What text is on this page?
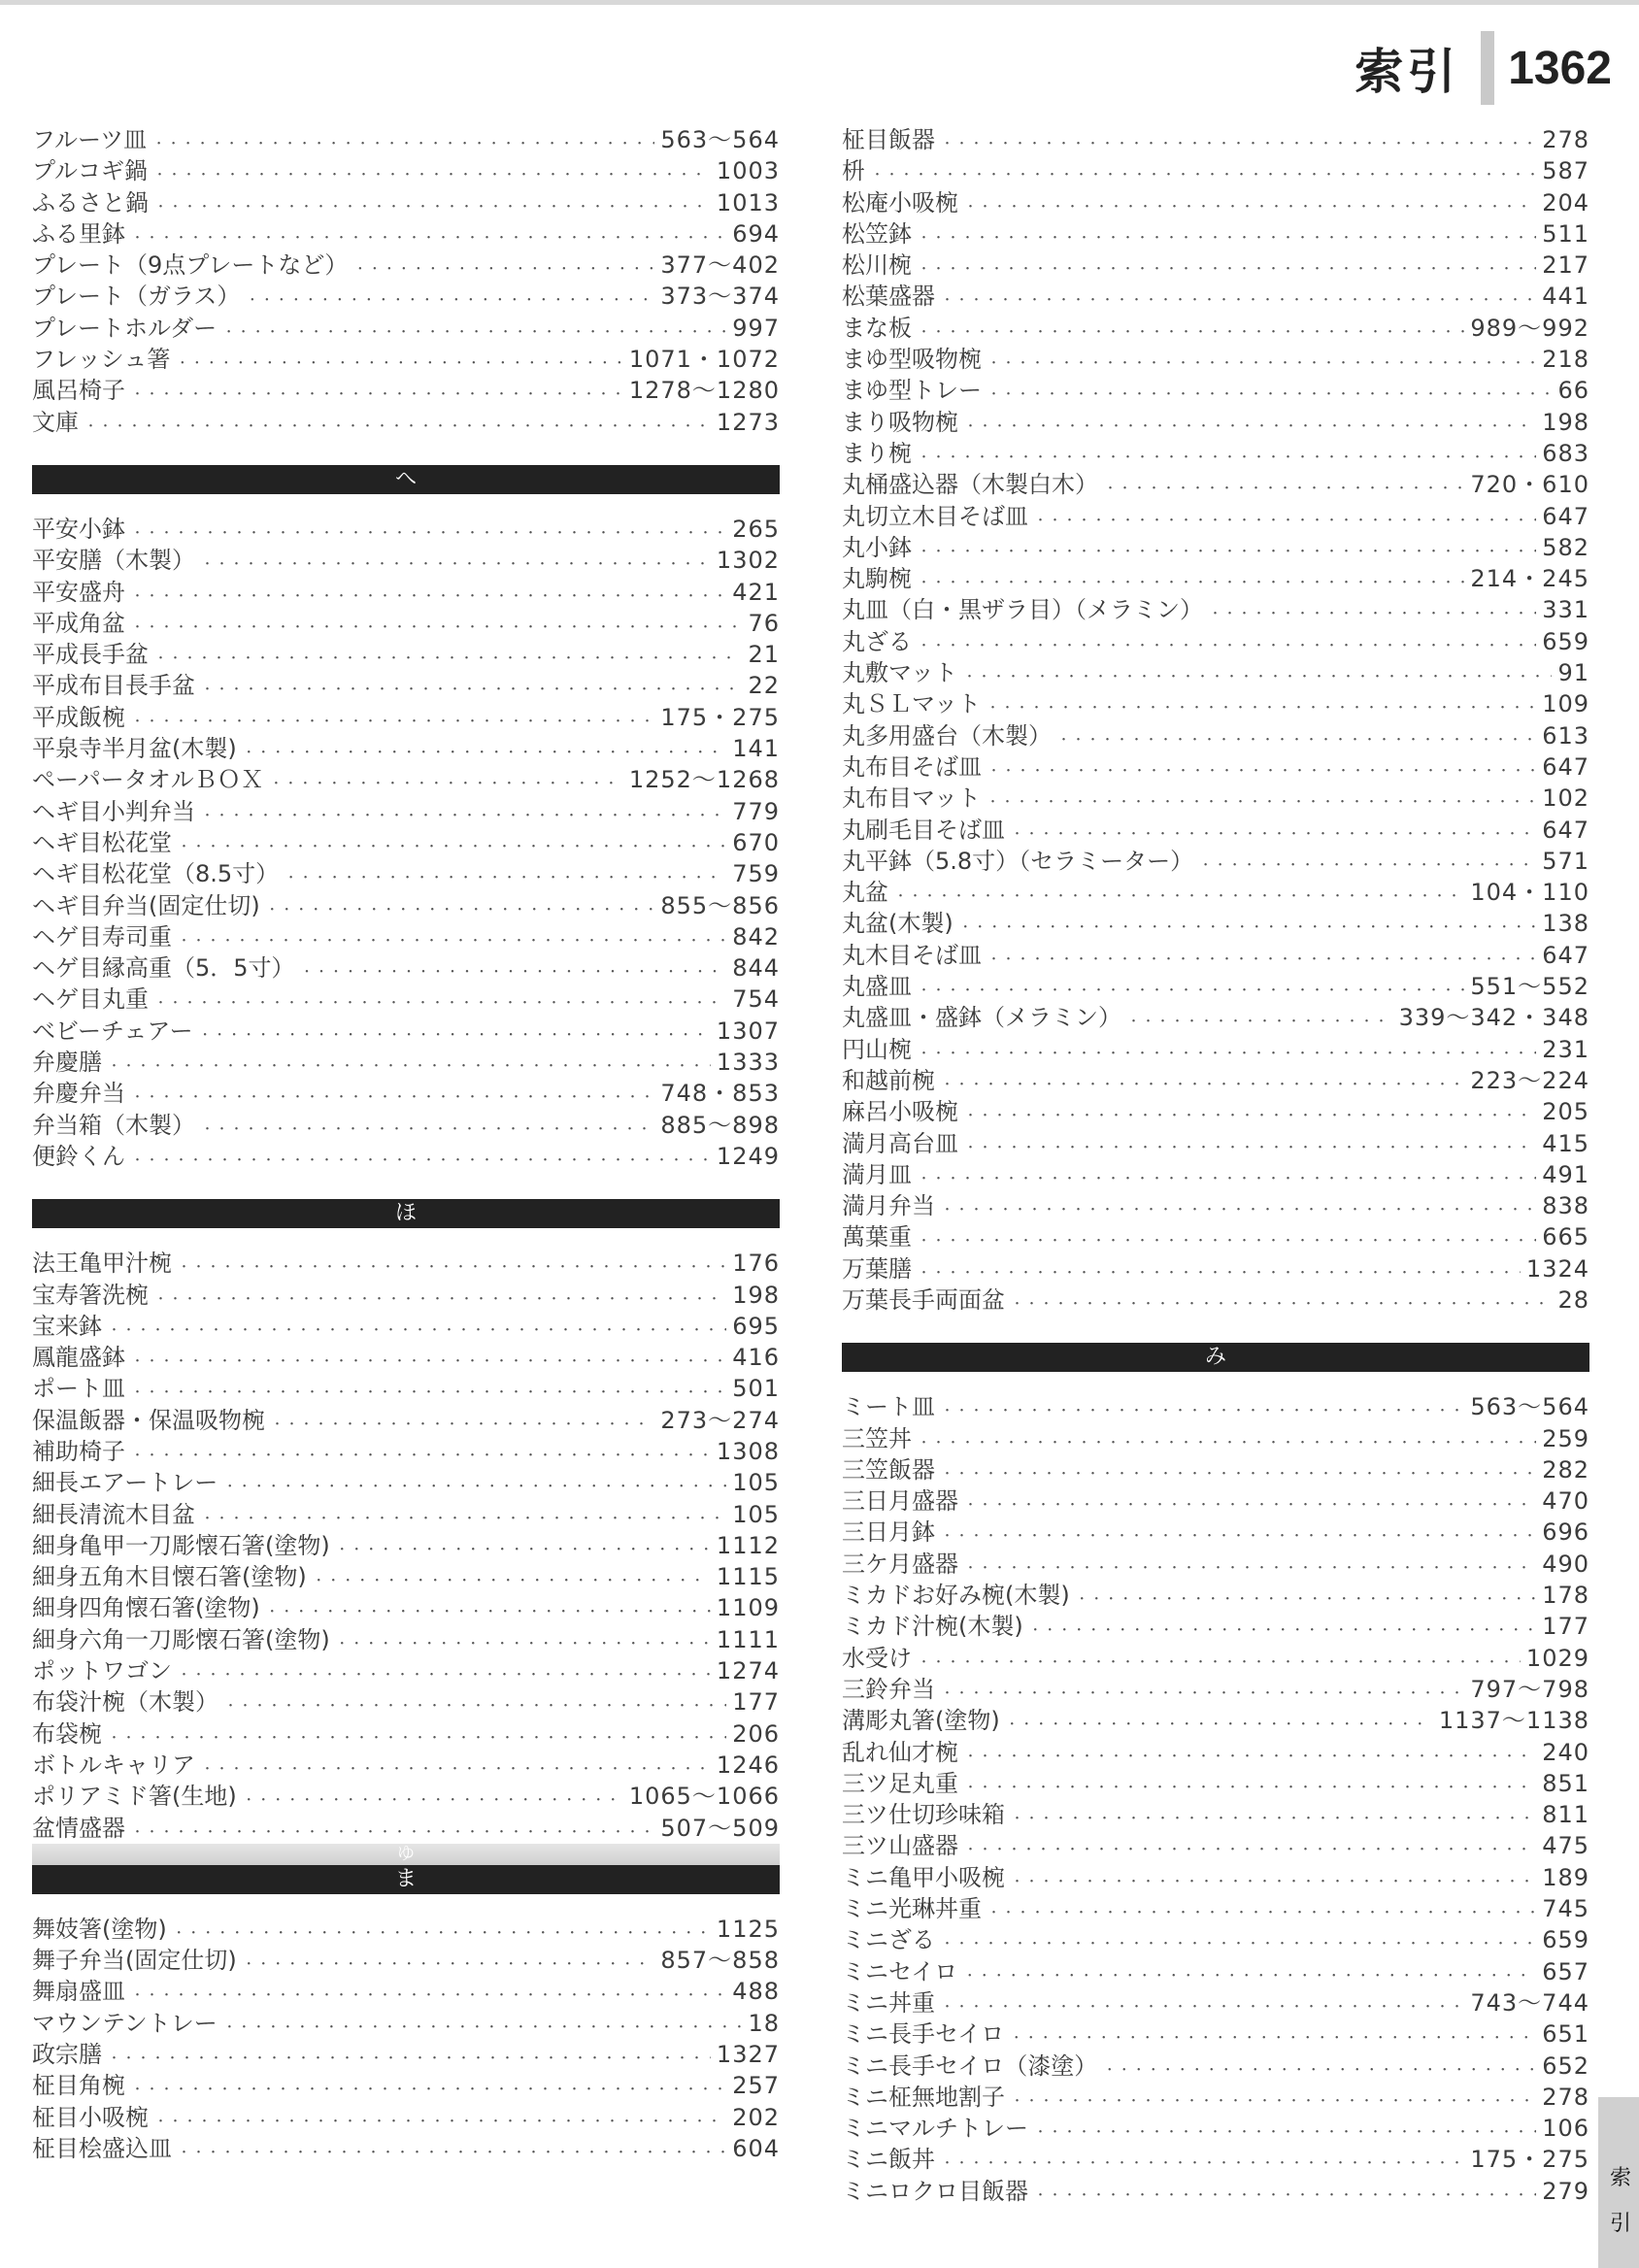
索引 1362
フルーツ皿 ・・・・・・・・・・・・・・・・・・・・・・・・・・・・・・・・・・・・・・・・・・・・・・・・・・・・・・・・・・・・・・・・・・・・・・・・・・・・・・・・・・・・・・・・・・・・・・・・・・・・・・・・・・・・・・・・・・	563〜564
プルコギ鍋 ・・・・・・・・・・・・・・・・・・・・・・・・・・・・・・・・・・・・・・・・・・・・・・・・・・・・・・・・・・・・・・・・・・・・・・・・・・・・・・・・・・・・・・・・・・・・・・・・・・・・・・・・・・・・・・・・・・	1003
ふるさと鍋 ・・・・・・・・・・・・・・・・・・・・・・・・・・・・・・・・・・・・・・・・・・・・・・・・・・・・・・・・・・・・・・・・・・・・・・・・・・・・・・・・・・・・・・・・・・・・・・・・・・・・・・・・・・・・・・・・・・	1013
ふる里鉢 ・・・・・・・・・・・・・・・・・・・・・・・・・・・・・・・・・・・・・・・・・・・・・・・・・・・・・・・・・・・・・・・・・・・・・・・・・・・・・・・・・・・・・・・・・・・・・・・・・・・・・・・・・・・・・・・・・・	694
プレート（9点プレートなど） ・・・・・・・・・・・・・・・・・・・・・・・・・・・・・・・・・・・・・・・・・・・・・・・・・・・・・・・・・・・・・・・・・・・・・・・・・・・・・・・・・・・・・・・・・・・・・・・・・・・・・・・・・・・・・・・・・・	377〜402
プレート（ガラス） ・・・・・・・・・・・・・・・・・・・・・・・・・・・・・・・・・・・・・・・・・・・・・・・・・・・・・・・・・・・・・・・・・・・・・・・・・・・・・・・・・・・・・・・・・・・・・・・・・・・・・・・・・・・・・・・・・・	373〜374
プレートホルダー ・・・・・・・・・・・・・・・・・・・・・・・・・・・・・・・・・・・・・・・・・・・・・・・・・・・・・・・・・・・・・・・・・・・・・・・・・・・・・・・・・・・・・・・・・・・・・・・・・・・・・・・・・・・・・・・・・・	997
フレッシュ箸 ・・・・・・・・・・・・・・・・・・・・・・・・・・・・・・・・・・・・・・・・・・・・・・・・・・・・・・・・・・・・・・・・・・・・・・・・・・・・・・・・・・・・・・・・・・・・・・・・・・・・・・・・・・・・・・・・・・	1071・1072
風呂椅子 ・・・・・・・・・・・・・・・・・・・・・・・・・・・・・・・・・・・・・・・・・・・・・・・・・・・・・・・・・・・・・・・・・・・・・・・・・・・・・・・・・・・・・・・・・・・・・・・・・・・・・・・・・・・・・・・・・・	1278〜1280
文庫 ・・・・・・・・・・・・・・・・・・・・・・・・・・・・・・・・・・・・・・・・・・・・・・・・・・・・・・・・・・・・・・・・・・・・・・・・・・・・・・・・・・・・・・・・・・・・・・・・・・・・・・・・・・・・・・・・・・	1273
へ
平安小鉢 ・・・・・・・・・・・・・・・・・・・・・・・・・・・・・・・・・・・・・・・・・・・・・・・・・・・・・・・・・・・・・・・・・・・・・・・・・・・・・・・・・・・・・・・・・・・・・・・・・・・・・・・・・・・・・・・・・・	265
平安膳（木製） ・・・・・・・・・・・・・・・・・・・・・・・・・・・・・・・・・・・・・・・・・・・・・・・・・・・・・・・・・・・・・・・・・・・・・・・・・・・・・・・・・・・・・・・・・・・・・・・・・・・・・・・・・・・・・・・・・・	1302
平安盛舟 ・・・・・・・・・・・・・・・・・・・・・・・・・・・・・・・・・・・・・・・・・・・・・・・・・・・・・・・・・・・・・・・・・・・・・・・・・・・・・・・・・・・・・・・・・・・・・・・・・・・・・・・・・・・・・・・・・・	421
平成角盆 ・・・・・・・・・・・・・・・・・・・・・・・・・・・・・・・・・・・・・・・・・・・・・・・・・・・・・・・・・・・・・・・・・・・・・・・・・・・・・・・・・・・・・・・・・・・・・・・・・・・・・・・・・・・・・・・・・・	76
平成長手盆 ・・・・・・・・・・・・・・・・・・・・・・・・・・・・・・・・・・・・・・・・・・・・・・・・・・・・・・・・・・・・・・・・・・・・・・・・・・・・・・・・・・・・・・・・・・・・・・・・・・・・・・・・・・・・・・・・・・	21
平成布目長手盆 ・・・・・・・・・・・・・・・・・・・・・・・・・・・・・・・・・・・・・・・・・・・・・・・・・・・・・・・・・・・・・・・・・・・・・・・・・・・・・・・・・・・・・・・・・・・・・・・・・・・・・・・・・・・・・・・・・・	22
平成飯椀 ・・・・・・・・・・・・・・・・・・・・・・・・・・・・・・・・・・・・・・・・・・・・・・・・・・・・・・・・・・・・・・・・・・・・・・・・・・・・・・・・・・・・・・・・・・・・・・・・・・・・・・・・・・・・・・・・・・	175・275
平泉寺半月盆(木製) ・・・・・・・・・・・・・・・・・・・・・・・・・・・・・・・・・・・・・・・・・・・・・・・・・・・・・・・・・・・・・・・・・・・・・・・・・・・・・・・・・・・・・・・・・・・・・・・・・・・・・・・・・・・・・・・・・・	141
ペーパータオルＢＯＸ ・・・・・・・・・・・・・・・・・・・・・・・・・・・・・・・・・・・・・・・・・・・・・・・・・・・・・・・・・・・・・・・・・・・・・・・・・・・・・・・・・・・・・・・・・・・・・・・・・・・・・・・・・・・・・・・・・・	1252〜1268
ヘギ目小判弁当 ・・・・・・・・・・・・・・・・・・・・・・・・・・・・・・・・・・・・・・・・・・・・・・・・・・・・・・・・・・・・・・・・・・・・・・・・・・・・・・・・・・・・・・・・・・・・・・・・・・・・・・・・・・・・・・・・・・	779
ヘギ目松花堂 ・・・・・・・・・・・・・・・・・・・・・・・・・・・・・・・・・・・・・・・・・・・・・・・・・・・・・・・・・・・・・・・・・・・・・・・・・・・・・・・・・・・・・・・・・・・・・・・・・・・・・・・・・・・・・・・・・・	670
ヘギ目松花堂（8.5寸） ・・・・・・・・・・・・・・・・・・・・・・・・・・・・・・・・・・・・・・・・・・・・・・・・・・・・・・・・・・・・・・・・・・・・・・・・・・・・・・・・・・・・・・・・・・・・・・・・・・・・・・・・・・・・・・・・・・	759
ヘギ目弁当(固定仕切) ・・・・・・・・・・・・・・・・・・・・・・・・・・・・・・・・・・・・・・・・・・・・・・・・・・・・・・・・・・・・・・・・・・・・・・・・・・・・・・・・・・・・・・・・・・・・・・・・・・・・・・・・・・・・・・・・・・	855〜856
ヘゲ目寿司重 ・・・・・・・・・・・・・・・・・・・・・・・・・・・・・・・・・・・・・・・・・・・・・・・・・・・・・・・・・・・・・・・・・・・・・・・・・・・・・・・・・・・・・・・・・・・・・・・・・・・・・・・・・・・・・・・・・・	842
ヘゲ目縁高重（5．5寸） ・・・・・・・・・・・・・・・・・・・・・・・・・・・・・・・・・・・・・・・・・・・・・・・・・・・・・・・・・・・・・・・・・・・・・・・・・・・・・・・・・・・・・・・・・・・・・・・・・・・・・・・・・・・・・・・・・・	844
ヘゲ目丸重 ・・・・・・・・・・・・・・・・・・・・・・・・・・・・・・・・・・・・・・・・・・・・・・・・・・・・・・・・・・・・・・・・・・・・・・・・・・・・・・・・・・・・・・・・・・・・・・・・・・・・・・・・・・・・・・・・・・	754
ベビーチェアー ・・・・・・・・・・・・・・・・・・・・・・・・・・・・・・・・・・・・・・・・・・・・・・・・・・・・・・・・・・・・・・・・・・・・・・・・・・・・・・・・・・・・・・・・・・・・・・・・・・・・・・・・・・・・・・・・・・	1307
弁慶膳 ・・・・・・・・・・・・・・・・・・・・・・・・・・・・・・・・・・・・・・・・・・・・・・・・・・・・・・・・・・・・・・・・・・・・・・・・・・・・・・・・・・・・・・・・・・・・・・・・・・・・・・・・・・・・・・・・・・	1333
弁慶弁当 ・・・・・・・・・・・・・・・・・・・・・・・・・・・・・・・・・・・・・・・・・・・・・・・・・・・・・・・・・・・・・・・・・・・・・・・・・・・・・・・・・・・・・・・・・・・・・・・・・・・・・・・・・・・・・・・・・・	748・853
弁当箱（木製） ・・・・・・・・・・・・・・・・・・・・・・・・・・・・・・・・・・・・・・・・・・・・・・・・・・・・・・・・・・・・・・・・・・・・・・・・・・・・・・・・・・・・・・・・・・・・・・・・・・・・・・・・・・・・・・・・・・	885〜898
便鈴くん ・・・・・・・・・・・・・・・・・・・・・・・・・・・・・・・・・・・・・・・・・・・・・・・・・・・・・・・・・・・・・・・・・・・・・・・・・・・・・・・・・・・・・・・・・・・・・・・・・・・・・・・・・・・・・・・・・・	1249
ほ
法王亀甲汁椀 ・・・・・・・・・・・・・・・・・・・・・・・・・・・・・・・・・・・・・・・・・・・・・・・・・・・・・・・・・・・・・・・・・・・・・・・・・・・・・・・・・・・・・・・・・・・・・・・・・・・・・・・・・・・・・・・・・・	176
宝寿箸洗椀 ・・・・・・・・・・・・・・・・・・・・・・・・・・・・・・・・・・・・・・・・・・・・・・・・・・・・・・・・・・・・・・・・・・・・・・・・・・・・・・・・・・・・・・・・・・・・・・・・・・・・・・・・・・・・・・・・・・	198
宝来鉢 ・・・・・・・・・・・・・・・・・・・・・・・・・・・・・・・・・・・・・・・・・・・・・・・・・・・・・・・・・・・・・・・・・・・・・・・・・・・・・・・・・・・・・・・・・・・・・・・・・・・・・・・・・・・・・・・・・・	695
鳳龍盛鉢 ・・・・・・・・・・・・・・・・・・・・・・・・・・・・・・・・・・・・・・・・・・・・・・・・・・・・・・・・・・・・・・・・・・・・・・・・・・・・・・・・・・・・・・・・・・・・・・・・・・・・・・・・・・・・・・・・・・	416
ポート皿 ・・・・・・・・・・・・・・・・・・・・・・・・・・・・・・・・・・・・・・・・・・・・・・・・・・・・・・・・・・・・・・・・・・・・・・・・・・・・・・・・・・・・・・・・・・・・・・・・・・・・・・・・・・・・・・・・・・	501
保温飯器・保温吸物椀 ・・・・・・・・・・・・・・・・・・・・・・・・・・・・・・・・・・・・・・・・・・・・・・・・・・・・・・・・・・・・・・・・・・・・・・・・・・・・・・・・・・・・・・・・・・・・・・・・・・・・・・・・・・・・・・・・・・	273〜274
補助椅子 ・・・・・・・・・・・・・・・・・・・・・・・・・・・・・・・・・・・・・・・・・・・・・・・・・・・・・・・・・・・・・・・・・・・・・・・・・・・・・・・・・・・・・・・・・・・・・・・・・・・・・・・・・・・・・・・・・・	1308
細長エアートレー ・・・・・・・・・・・・・・・・・・・・・・・・・・・・・・・・・・・・・・・・・・・・・・・・・・・・・・・・・・・・・・・・・・・・・・・・・・・・・・・・・・・・・・・・・・・・・・・・・・・・・・・・・・・・・・・・・・	105
細長清流木目盆 ・・・・・・・・・・・・・・・・・・・・・・・・・・・・・・・・・・・・・・・・・・・・・・・・・・・・・・・・・・・・・・・・・・・・・・・・・・・・・・・・・・・・・・・・・・・・・・・・・・・・・・・・・・・・・・・・・・	105
細身亀甲一刀彫懐石箸(塗物) ・・・・・・・・・・・・・・・・・・・・・・・・・・・・・・・・・・・・・・・・・・・・・・・・・・・・・・・・・・・・・・・・・・・・・・・・・・・・・・・・・・・・・・・・・・・・・・・・・・・・・・・・・・・・・・・・・・	1112
細身五角木目懐石箸(塗物) ・・・・・・・・・・・・・・・・・・・・・・・・・・・・・・・・・・・・・・・・・・・・・・・・・・・・・・・・・・・・・・・・・・・・・・・・・・・・・・・・・・・・・・・・・・・・・・・・・・・・・・・・・・・・・・・・・・	1115
細身四角懐石箸(塗物) ・・・・・・・・・・・・・・・・・・・・・・・・・・・・・・・・・・・・・・・・・・・・・・・・・・・・・・・・・・・・・・・・・・・・・・・・・・・・・・・・・・・・・・・・・・・・・・・・・・・・・・・・・・・・・・・・・・	1109
細身六角一刀彫懐石箸(塗物) ・・・・・・・・・・・・・・・・・・・・・・・・・・・・・・・・・・・・・・・・・・・・・・・・・・・・・・・・・・・・・・・・・・・・・・・・・・・・・・・・・・・・・・・・・・・・・・・・・・・・・・・・・・・・・・・・・・	1111
ポットワゴン ・・・・・・・・・・・・・・・・・・・・・・・・・・・・・・・・・・・・・・・・・・・・・・・・・・・・・・・・・・・・・・・・・・・・・・・・・・・・・・・・・・・・・・・・・・・・・・・・・・・・・・・・・・・・・・・・・・	1274
布袋汁椀（木製） ・・・・・・・・・・・・・・・・・・・・・・・・・・・・・・・・・・・・・・・・・・・・・・・・・・・・・・・・・・・・・・・・・・・・・・・・・・・・・・・・・・・・・・・・・・・・・・・・・・・・・・・・・・・・・・・・・・	177
布袋椀 ・・・・・・・・・・・・・・・・・・・・・・・・・・・・・・・・・・・・・・・・・・・・・・・・・・・・・・・・・・・・・・・・・・・・・・・・・・・・・・・・・・・・・・・・・・・・・・・・・・・・・・・・・・・・・・・・・・	206
ボトルキャリア ・・・・・・・・・・・・・・・・・・・・・・・・・・・・・・・・・・・・・・・・・・・・・・・・・・・・・・・・・・・・・・・・・・・・・・・・・・・・・・・・・・・・・・・・・・・・・・・・・・・・・・・・・・・・・・・・・・	1246
ポリアミド箸(生地) ・・・・・・・・・・・・・・・・・・・・・・・・・・・・・・・・・・・・・・・・・・・・・・・・・・・・・・・・・・・・・・・・・・・・・・・・・・・・・・・・・・・・・・・・・・・・・・・・・・・・・・・・・・・・・・・・・・	1065〜1066
盆情盛器 ・・・・・・・・・・・・・・・・・・・・・・・・・・・・・・・・・・・・・・・・・・・・・・・・・・・・・・・・・・・・・・・・・・・・・・・・・・・・・・・・・・・・・・・・・・・・・・・・・・・・・・・・・・・・・・・・・・	507〜509
ゆ
ま
舞妓箸(塗物) ・・・・・・・・・・・・・・・・・・・・・・・・・・・・・・・・・・・・・・・・・・・・・・・・・・・・・・・・・・・・・・・・・・・・・・・・・・・・・・・・・・・・・・・・・・・・・・・・・・・・・・・・・・・・・・・・・・	1125
舞子弁当(固定仕切) ・・・・・・・・・・・・・・・・・・・・・・・・・・・・・・・・・・・・・・・・・・・・・・・・・・・・・・・・・・・・・・・・・・・・・・・・・・・・・・・・・・・・・・・・・・・・・・・・・・・・・・・・・・・・・・・・・・	857〜858
舞扇盛皿 ・・・・・・・・・・・・・・・・・・・・・・・・・・・・・・・・・・・・・・・・・・・・・・・・・・・・・・・・・・・・・・・・・・・・・・・・・・・・・・・・・・・・・・・・・・・・・・・・・・・・・・・・・・・・・・・・・・	488
マウンテントレー ・・・・・・・・・・・・・・・・・・・・・・・・・・・・・・・・・・・・・・・・・・・・・・・・・・・・・・・・・・・・・・・・・・・・・・・・・・・・・・・・・・・・・・・・・・・・・・・・・・・・・・・・・・・・・・・・・・	18
政宗膳 ・・・・・・・・・・・・・・・・・・・・・・・・・・・・・・・・・・・・・・・・・・・・・・・・・・・・・・・・・・・・・・・・・・・・・・・・・・・・・・・・・・・・・・・・・・・・・・・・・・・・・・・・・・・・・・・・・・	1327
柾目角椀 ・・・・・・・・・・・・・・・・・・・・・・・・・・・・・・・・・・・・・・・・・・・・・・・・・・・・・・・・・・・・・・・・・・・・・・・・・・・・・・・・・・・・・・・・・・・・・・・・・・・・・・・・・・・・・・・・・・	257
柾目小吸椀 ・・・・・・・・・・・・・・・・・・・・・・・・・・・・・・・・・・・・・・・・・・・・・・・・・・・・・・・・・・・・・・・・・・・・・・・・・・・・・・・・・・・・・・・・・・・・・・・・・・・・・・・・・・・・・・・・・・	202
柾目桧盛込皿 ・・・・・・・・・・・・・・・・・・・・・・・・・・・・・・・・・・・・・・・・・・・・・・・・・・・・・・・・・・・・・・・・・・・・・・・・・・・・・・・・・・・・・・・・・・・・・・・・・・・・・・・・・・・・・・・・・・	604
柾目飯器 ・・・・・・・・・・・・・・・・・・・・・・・・・・・・・・・・・・・・・・・・・・・・・・・・・・・・・・・・・・・・・・・・・・・・・・・・・・・・・・・・・・・・・・・・・・・・・・・・・・・・・・・・・・・・・・・・・・	278
枡 ・・・・・・・・・・・・・・・・・・・・・・・・・・・・・・・・・・・・・・・・・・・・・・・・・・・・・・・・・・・・・・・・・・・・・・・・・・・・・・・・・・・・・・・・・・・・・・・・・・・・・・・・・・・・・・・・・・	587
松庵小吸椀 ・・・・・・・・・・・・・・・・・・・・・・・・・・・・・・・・・・・・・・・・・・・・・・・・・・・・・・・・・・・・・・・・・・・・・・・・・・・・・・・・・・・・・・・・・・・・・・・・・・・・・・・・・・・・・・・・・・	204
松笠鉢 ・・・・・・・・・・・・・・・・・・・・・・・・・・・・・・・・・・・・・・・・・・・・・・・・・・・・・・・・・・・・・・・・・・・・・・・・・・・・・・・・・・・・・・・・・・・・・・・・・・・・・・・・・・・・・・・・・・	511
松川椀 ・・・・・・・・・・・・・・・・・・・・・・・・・・・・・・・・・・・・・・・・・・・・・・・・・・・・・・・・・・・・・・・・・・・・・・・・・・・・・・・・・・・・・・・・・・・・・・・・・・・・・・・・・・・・・・・・・・	217
松葉盛器 ・・・・・・・・・・・・・・・・・・・・・・・・・・・・・・・・・・・・・・・・・・・・・・・・・・・・・・・・・・・・・・・・・・・・・・・・・・・・・・・・・・・・・・・・・・・・・・・・・・・・・・・・・・・・・・・・・・	441
まな板 ・・・・・・・・・・・・・・・・・・・・・・・・・・・・・・・・・・・・・・・・・・・・・・・・・・・・・・・・・・・・・・・・・・・・・・・・・・・・・・・・・・・・・・・・・・・・・・・・・・・・・・・・・・・・・・・・・・	989〜992
まゆ型吸物椀 ・・・・・・・・・・・・・・・・・・・・・・・・・・・・・・・・・・・・・・・・・・・・・・・・・・・・・・・・・・・・・・・・・・・・・・・・・・・・・・・・・・・・・・・・・・・・・・・・・・・・・・・・・・・・・・・・・・	218
まゆ型トレー ・・・・・・・・・・・・・・・・・・・・・・・・・・・・・・・・・・・・・・・・・・・・・・・・・・・・・・・・・・・・・・・・・・・・・・・・・・・・・・・・・・・・・・・・・・・・・・・・・・・・・・・・・・・・・・・・・・	66
まり吸物椀 ・・・・・・・・・・・・・・・・・・・・・・・・・・・・・・・・・・・・・・・・・・・・・・・・・・・・・・・・・・・・・・・・・・・・・・・・・・・・・・・・・・・・・・・・・・・・・・・・・・・・・・・・・・・・・・・・・・	198
まり椀 ・・・・・・・・・・・・・・・・・・・・・・・・・・・・・・・・・・・・・・・・・・・・・・・・・・・・・・・・・・・・・・・・・・・・・・・・・・・・・・・・・・・・・・・・・・・・・・・・・・・・・・・・・・・・・・・・・・	683
丸桶盛込器（木製白木） ・・・・・・・・・・・・・・・・・・・・・・・・・・・・・・・・・・・・・・・・・・・・・・・・・・・・・・・・・・・・・・・・・・・・・・・・・・・・・・・・・・・・・・・・・・・・・・・・・・・・・・・・・・・・・・・・・・	720・610
丸切立木目そば皿 ・・・・・・・・・・・・・・・・・・・・・・・・・・・・・・・・・・・・・・・・・・・・・・・・・・・・・・・・・・・・・・・・・・・・・・・・・・・・・・・・・・・・・・・・・・・・・・・・・・・・・・・・・・・・・・・・・・	647
丸小鉢 ・・・・・・・・・・・・・・・・・・・・・・・・・・・・・・・・・・・・・・・・・・・・・・・・・・・・・・・・・・・・・・・・・・・・・・・・・・・・・・・・・・・・・・・・・・・・・・・・・・・・・・・・・・・・・・・・・・	582
丸駒椀 ・・・・・・・・・・・・・・・・・・・・・・・・・・・・・・・・・・・・・・・・・・・・・・・・・・・・・・・・・・・・・・・・・・・・・・・・・・・・・・・・・・・・・・・・・・・・・・・・・・・・・・・・・・・・・・・・・・	214・245
丸皿（白・黒ザラ目）（メラミン） ・・・・・・・・・・・・・・・・・・・・・・・・・・・・・・・・・・・・・・・・・・・・・・・・・・・・・・・・・・・・・・・・・・・・・・・・・・・・・・・・・・・・・・・・・・・・・・・・・・・・・・・・・・・・・・・・・・	331
丸ざる ・・・・・・・・・・・・・・・・・・・・・・・・・・・・・・・・・・・・・・・・・・・・・・・・・・・・・・・・・・・・・・・・・・・・・・・・・・・・・・・・・・・・・・・・・・・・・・・・・・・・・・・・・・・・・・・・・・	659
丸敷マット ・・・・・・・・・・・・・・・・・・・・・・・・・・・・・・・・・・・・・・・・・・・・・・・・・・・・・・・・・・・・・・・・・・・・・・・・・・・・・・・・・・・・・・・・・・・・・・・・・・・・・・・・・・・・・・・・・・	91
丸ＳＬマット ・・・・・・・・・・・・・・・・・・・・・・・・・・・・・・・・・・・・・・・・・・・・・・・・・・・・・・・・・・・・・・・・・・・・・・・・・・・・・・・・・・・・・・・・・・・・・・・・・・・・・・・・・・・・・・・・・・	109
丸多用盛台（木製） ・・・・・・・・・・・・・・・・・・・・・・・・・・・・・・・・・・・・・・・・・・・・・・・・・・・・・・・・・・・・・・・・・・・・・・・・・・・・・・・・・・・・・・・・・・・・・・・・・・・・・・・・・・・・・・・・・・	613
丸布目そば皿 ・・・・・・・・・・・・・・・・・・・・・・・・・・・・・・・・・・・・・・・・・・・・・・・・・・・・・・・・・・・・・・・・・・・・・・・・・・・・・・・・・・・・・・・・・・・・・・・・・・・・・・・・・・・・・・・・・・	647
丸布目マット ・・・・・・・・・・・・・・・・・・・・・・・・・・・・・・・・・・・・・・・・・・・・・・・・・・・・・・・・・・・・・・・・・・・・・・・・・・・・・・・・・・・・・・・・・・・・・・・・・・・・・・・・・・・・・・・・・・	102
丸刷毛目そば皿 ・・・・・・・・・・・・・・・・・・・・・・・・・・・・・・・・・・・・・・・・・・・・・・・・・・・・・・・・・・・・・・・・・・・・・・・・・・・・・・・・・・・・・・・・・・・・・・・・・・・・・・・・・・・・・・・・・・	647
丸平鉢（5.8寸）（セラミーター） ・・・・・・・・・・・・・・・・・・・・・・・・・・・・・・・・・・・・・・・・・・・・・・・・・・・・・・・・・・・・・・・・・・・・・・・・・・・・・・・・・・・・・・・・・・・・・・・・・・・・・・・・・・・・・・・・・・	571
丸盆 ・・・・・・・・・・・・・・・・・・・・・・・・・・・・・・・・・・・・・・・・・・・・・・・・・・・・・・・・・・・・・・・・・・・・・・・・・・・・・・・・・・・・・・・・・・・・・・・・・・・・・・・・・・・・・・・・・・	104・110
丸盆(木製) ・・・・・・・・・・・・・・・・・・・・・・・・・・・・・・・・・・・・・・・・・・・・・・・・・・・・・・・・・・・・・・・・・・・・・・・・・・・・・・・・・・・・・・・・・・・・・・・・・・・・・・・・・・・・・・・・・・	138
丸木目そば皿 ・・・・・・・・・・・・・・・・・・・・・・・・・・・・・・・・・・・・・・・・・・・・・・・・・・・・・・・・・・・・・・・・・・・・・・・・・・・・・・・・・・・・・・・・・・・・・・・・・・・・・・・・・・・・・・・・・・	647
丸盛皿 ・・・・・・・・・・・・・・・・・・・・・・・・・・・・・・・・・・・・・・・・・・・・・・・・・・・・・・・・・・・・・・・・・・・・・・・・・・・・・・・・・・・・・・・・・・・・・・・・・・・・・・・・・・・・・・・・・・	551〜552
丸盛皿・盛鉢（メラミン） ・・・・・・・・・・・・・・・・・・・・・・・・・・・・・・・・・・・・・・・・・・・・・・・・・・・・・・・・・・・・・・・・・・・・・・・・・・・・・・・・・・・・・・・・・・・・・・・・・・・・・・・・・・・・・・・・・・	339〜342・348
円山椀 ・・・・・・・・・・・・・・・・・・・・・・・・・・・・・・・・・・・・・・・・・・・・・・・・・・・・・・・・・・・・・・・・・・・・・・・・・・・・・・・・・・・・・・・・・・・・・・・・・・・・・・・・・・・・・・・・・・	231
和越前椀 ・・・・・・・・・・・・・・・・・・・・・・・・・・・・・・・・・・・・・・・・・・・・・・・・・・・・・・・・・・・・・・・・・・・・・・・・・・・・・・・・・・・・・・・・・・・・・・・・・・・・・・・・・・・・・・・・・・	223〜224
麻呂小吸椀 ・・・・・・・・・・・・・・・・・・・・・・・・・・・・・・・・・・・・・・・・・・・・・・・・・・・・・・・・・・・・・・・・・・・・・・・・・・・・・・・・・・・・・・・・・・・・・・・・・・・・・・・・・・・・・・・・・・	205
満月高台皿 ・・・・・・・・・・・・・・・・・・・・・・・・・・・・・・・・・・・・・・・・・・・・・・・・・・・・・・・・・・・・・・・・・・・・・・・・・・・・・・・・・・・・・・・・・・・・・・・・・・・・・・・・・・・・・・・・・・	415
満月皿 ・・・・・・・・・・・・・・・・・・・・・・・・・・・・・・・・・・・・・・・・・・・・・・・・・・・・・・・・・・・・・・・・・・・・・・・・・・・・・・・・・・・・・・・・・・・・・・・・・・・・・・・・・・・・・・・・・・	491
満月弁当 ・・・・・・・・・・・・・・・・・・・・・・・・・・・・・・・・・・・・・・・・・・・・・・・・・・・・・・・・・・・・・・・・・・・・・・・・・・・・・・・・・・・・・・・・・・・・・・・・・・・・・・・・・・・・・・・・・・	838
萬葉重 ・・・・・・・・・・・・・・・・・・・・・・・・・・・・・・・・・・・・・・・・・・・・・・・・・・・・・・・・・・・・・・・・・・・・・・・・・・・・・・・・・・・・・・・・・・・・・・・・・・・・・・・・・・・・・・・・・・	665
万葉膳 ・・・・・・・・・・・・・・・・・・・・・・・・・・・・・・・・・・・・・・・・・・・・・・・・・・・・・・・・・・・・・・・・・・・・・・・・・・・・・・・・・・・・・・・・・・・・・・・・・・・・・・・・・・・・・・・・・・	1324
万葉長手両面盆 ・・・・・・・・・・・・・・・・・・・・・・・・・・・・・・・・・・・・・・・・・・・・・・・・・・・・・・・・・・・・・・・・・・・・・・・・・・・・・・・・・・・・・・・・・・・・・・・・・・・・・・・・・・・・・・・・・・	28
み
ミート皿 ・・・・・・・・・・・・・・・・・・・・・・・・・・・・・・・・・・・・・・・・・・・・・・・・・・・・・・・・・・・・・・・・・・・・・・・・・・・・・・・・・・・・・・・・・・・・・・・・・・・・・・・・・・・・・・・・・・	563〜564
三笠丼 ・・・・・・・・・・・・・・・・・・・・・・・・・・・・・・・・・・・・・・・・・・・・・・・・・・・・・・・・・・・・・・・・・・・・・・・・・・・・・・・・・・・・・・・・・・・・・・・・・・・・・・・・・・・・・・・・・・	259
三笠飯器 ・・・・・・・・・・・・・・・・・・・・・・・・・・・・・・・・・・・・・・・・・・・・・・・・・・・・・・・・・・・・・・・・・・・・・・・・・・・・・・・・・・・・・・・・・・・・・・・・・・・・・・・・・・・・・・・・・・	282
三日月盛器 ・・・・・・・・・・・・・・・・・・・・・・・・・・・・・・・・・・・・・・・・・・・・・・・・・・・・・・・・・・・・・・・・・・・・・・・・・・・・・・・・・・・・・・・・・・・・・・・・・・・・・・・・・・・・・・・・・・	470
三日月鉢 ・・・・・・・・・・・・・・・・・・・・・・・・・・・・・・・・・・・・・・・・・・・・・・・・・・・・・・・・・・・・・・・・・・・・・・・・・・・・・・・・・・・・・・・・・・・・・・・・・・・・・・・・・・・・・・・・・・	696
三ケ月盛器 ・・・・・・・・・・・・・・・・・・・・・・・・・・・・・・・・・・・・・・・・・・・・・・・・・・・・・・・・・・・・・・・・・・・・・・・・・・・・・・・・・・・・・・・・・・・・・・・・・・・・・・・・・・・・・・・・・・	490
ミカドお好み椀(木製) ・・・・・・・・・・・・・・・・・・・・・・・・・・・・・・・・・・・・・・・・・・・・・・・・・・・・・・・・・・・・・・・・・・・・・・・・・・・・・・・・・・・・・・・・・・・・・・・・・・・・・・・・・・・・・・・・・・	178
ミカド汁椀(木製) ・・・・・・・・・・・・・・・・・・・・・・・・・・・・・・・・・・・・・・・・・・・・・・・・・・・・・・・・・・・・・・・・・・・・・・・・・・・・・・・・・・・・・・・・・・・・・・・・・・・・・・・・・・・・・・・・・・	177
水受け ・・・・・・・・・・・・・・・・・・・・・・・・・・・・・・・・・・・・・・・・・・・・・・・・・・・・・・・・・・・・・・・・・・・・・・・・・・・・・・・・・・・・・・・・・・・・・・・・・・・・・・・・・・・・・・・・・・	1029
三鈴弁当 ・・・・・・・・・・・・・・・・・・・・・・・・・・・・・・・・・・・・・・・・・・・・・・・・・・・・・・・・・・・・・・・・・・・・・・・・・・・・・・・・・・・・・・・・・・・・・・・・・・・・・・・・・・・・・・・・・・	797〜798
溝彫丸箸(塗物) ・・・・・・・・・・・・・・・・・・・・・・・・・・・・・・・・・・・・・・・・・・・・・・・・・・・・・・・・・・・・・・・・・・・・・・・・・・・・・・・・・・・・・・・・・・・・・・・・・・・・・・・・・・・・・・・・・・	1137〜1138
乱れ仙才椀 ・・・・・・・・・・・・・・・・・・・・・・・・・・・・・・・・・・・・・・・・・・・・・・・・・・・・・・・・・・・・・・・・・・・・・・・・・・・・・・・・・・・・・・・・・・・・・・・・・・・・・・・・・・・・・・・・・・	240
三ツ足丸重 ・・・・・・・・・・・・・・・・・・・・・・・・・・・・・・・・・・・・・・・・・・・・・・・・・・・・・・・・・・・・・・・・・・・・・・・・・・・・・・・・・・・・・・・・・・・・・・・・・・・・・・・・・・・・・・・・・・	851
三ツ仕切珍味箱 ・・・・・・・・・・・・・・・・・・・・・・・・・・・・・・・・・・・・・・・・・・・・・・・・・・・・・・・・・・・・・・・・・・・・・・・・・・・・・・・・・・・・・・・・・・・・・・・・・・・・・・・・・・・・・・・・・・	811
三ツ山盛器 ・・・・・・・・・・・・・・・・・・・・・・・・・・・・・・・・・・・・・・・・・・・・・・・・・・・・・・・・・・・・・・・・・・・・・・・・・・・・・・・・・・・・・・・・・・・・・・・・・・・・・・・・・・・・・・・・・・	475
ミニ亀甲小吸椀 ・・・・・・・・・・・・・・・・・・・・・・・・・・・・・・・・・・・・・・・・・・・・・・・・・・・・・・・・・・・・・・・・・・・・・・・・・・・・・・・・・・・・・・・・・・・・・・・・・・・・・・・・・・・・・・・・・・	189
ミニ光琳丼重 ・・・・・・・・・・・・・・・・・・・・・・・・・・・・・・・・・・・・・・・・・・・・・・・・・・・・・・・・・・・・・・・・・・・・・・・・・・・・・・・・・・・・・・・・・・・・・・・・・・・・・・・・・・・・・・・・・・	745
ミニざる ・・・・・・・・・・・・・・・・・・・・・・・・・・・・・・・・・・・・・・・・・・・・・・・・・・・・・・・・・・・・・・・・・・・・・・・・・・・・・・・・・・・・・・・・・・・・・・・・・・・・・・・・・・・・・・・・・・	659
ミニセイロ ・・・・・・・・・・・・・・・・・・・・・・・・・・・・・・・・・・・・・・・・・・・・・・・・・・・・・・・・・・・・・・・・・・・・・・・・・・・・・・・・・・・・・・・・・・・・・・・・・・・・・・・・・・・・・・・・・・	657
ミニ丼重 ・・・・・・・・・・・・・・・・・・・・・・・・・・・・・・・・・・・・・・・・・・・・・・・・・・・・・・・・・・・・・・・・・・・・・・・・・・・・・・・・・・・・・・・・・・・・・・・・・・・・・・・・・・・・・・・・・・	743〜744
ミニ長手セイロ ・・・・・・・・・・・・・・・・・・・・・・・・・・・・・・・・・・・・・・・・・・・・・・・・・・・・・・・・・・・・・・・・・・・・・・・・・・・・・・・・・・・・・・・・・・・・・・・・・・・・・・・・・・・・・・・・・・	651
ミニ長手セイロ（漆塗） ・・・・・・・・・・・・・・・・・・・・・・・・・・・・・・・・・・・・・・・・・・・・・・・・・・・・・・・・・・・・・・・・・・・・・・・・・・・・・・・・・・・・・・・・・・・・・・・・・・・・・・・・・・・・・・・・・・	652
ミニ柾無地割子 ・・・・・・・・・・・・・・・・・・・・・・・・・・・・・・・・・・・・・・・・・・・・・・・・・・・・・・・・・・・・・・・・・・・・・・・・・・・・・・・・・・・・・・・・・・・・・・・・・・・・・・・・・・・・・・・・・・	278
ミニマルチトレー ・・・・・・・・・・・・・・・・・・・・・・・・・・・・・・・・・・・・・・・・・・・・・・・・・・・・・・・・・・・・・・・・・・・・・・・・・・・・・・・・・・・・・・・・・・・・・・・・・・・・・・・・・・・・・・・・・・	106
ミニ飯丼 ・・・・・・・・・・・・・・・・・・・・・・・・・・・・・・・・・・・・・・・・・・・・・・・・・・・・・・・・・・・・・・・・・・・・・・・・・・・・・・・・・・・・・・・・・・・・・・・・・・・・・・・・・・・・・・・・・・	175・275
ミニロクロ目飯器 ・・・・・・・・・・・・・・・・・・・・・・・・・・・・・・・・・・・・・・・・・・・・・・・・・・・・・・・・・・・・・・・・・・・・・・・・・・・・・・・・・・・・・・・・・・・・・・・・・・・・・・・・・・・・・・・・・・	279 索
引
